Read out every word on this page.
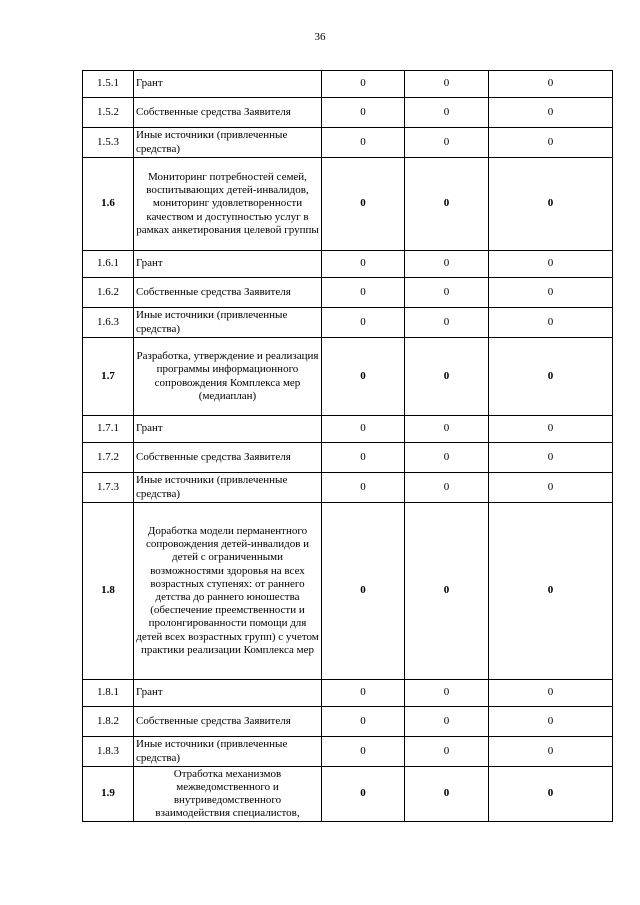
36
1.5.1	Грант	0	0	0
1.5.2	Собственные средства Заявителя	0	0	0
1.5.3	Иные источники (привлеченные средства)	0	0	0
1.6	Мониторинг потребностей семей, воспитывающих детей-инвалидов, мониторинг удовлетворенности качеством и доступностью услуг в рамках анкетирования целевой группы	0	0	0
1.6.1	Грант	0	0	0
1.6.2	Собственные средства Заявителя	0	0	0
1.6.3	Иные источники (привлеченные средства)	0	0	0
1.7	Разработка, утверждение и реализация программы информационного сопровождения Комплекса мер (медиаплан)	0	0	0
1.7.1	Грант	0	0	0
1.7.2	Собственные средства Заявителя	0	0	0
1.7.3	Иные источники (привлеченные средства)	0	0	0
1.8	Доработка модели перманентного сопровождения детей-инвалидов и детей с ограниченными возможностями здоровья на всех возрастных ступенях: от раннего детства до раннего юношества (обеспечение преемственности и пролонгированности помощи для детей всех возрастных групп) с учетом практики реализации Комплекса мер	0	0	0
1.8.1	Грант	0	0	0
1.8.2	Собственные средства Заявителя	0	0	0
1.8.3	Иные источники (привлеченные средства)	0	0	0
1.9	Отработка механизмов межведомственного и внутриведомственного взаимодействия специалистов,	0	0	0
